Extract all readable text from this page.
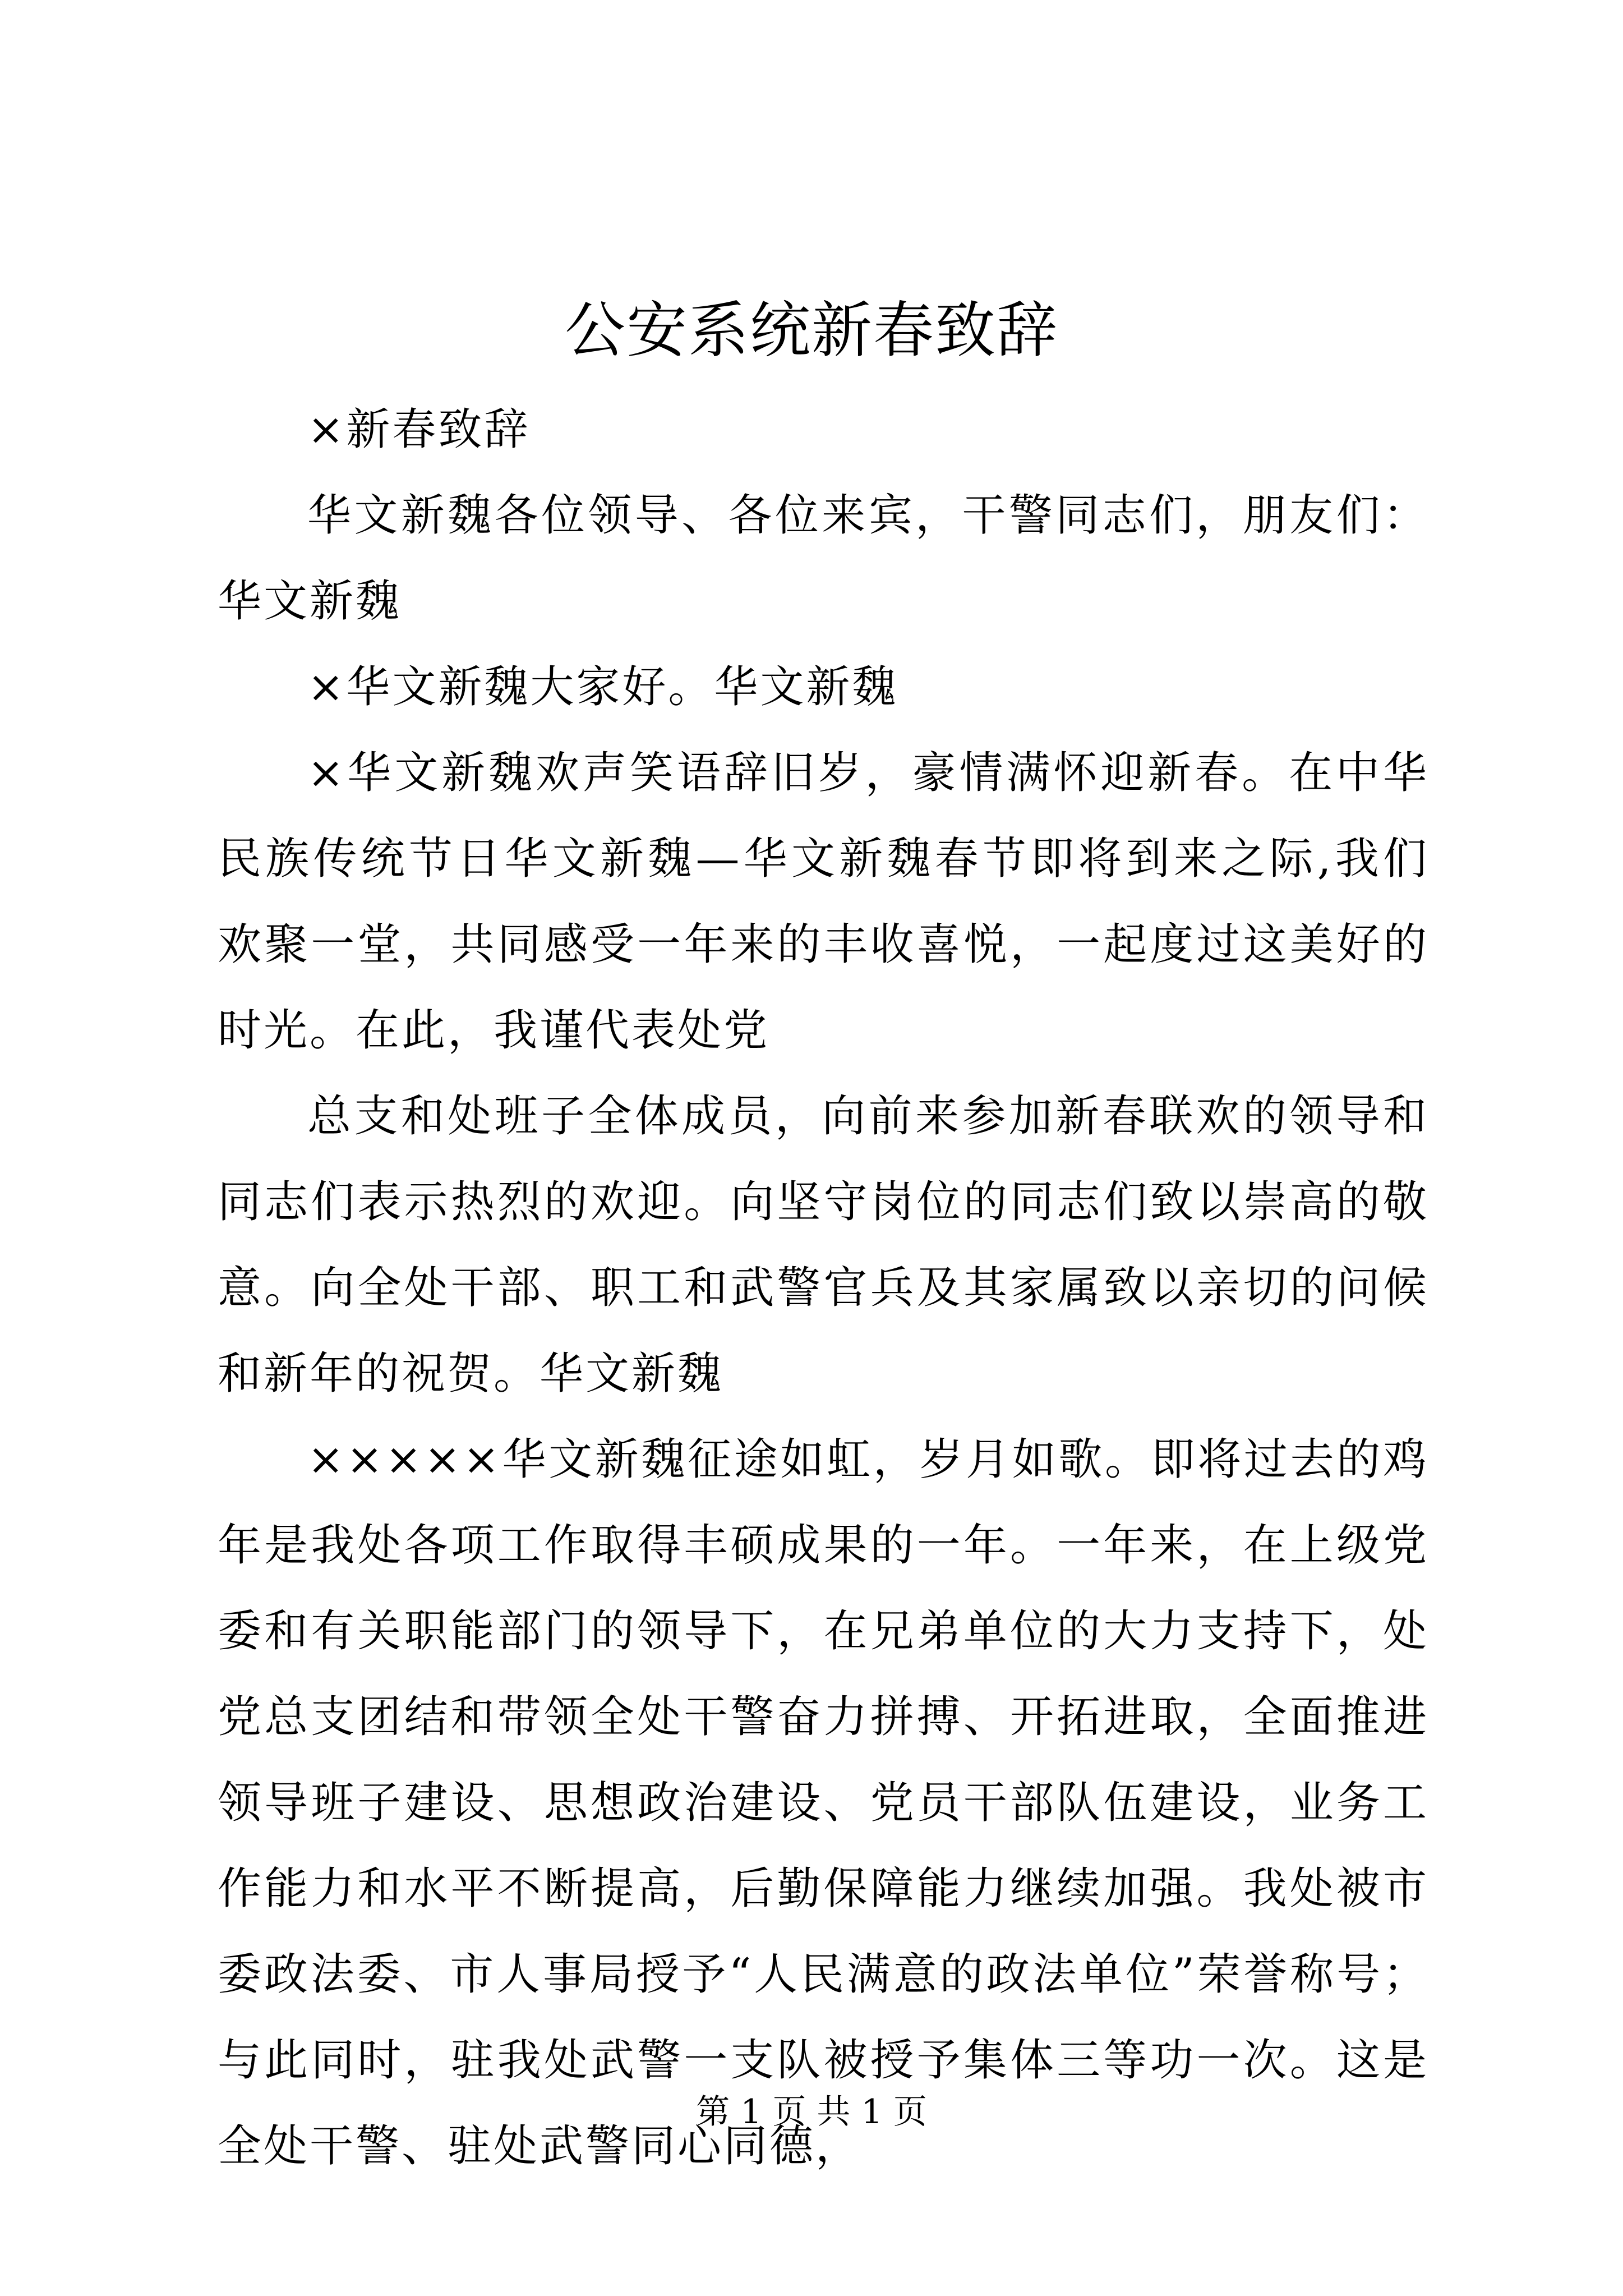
公安系统新春致辞

×新春致辞

华文新魏各位领导、各位来宾，干警同志们，朋友们：华文新魏

×华文新魏大家好。华文新魏

×华文新魏欢声笑语辞旧岁，豪情满怀迎新春。在中华民族传统节日华文新魏—华文新魏春节即将到来之际,我们欢聚一堂，共同感受一年来的丰收喜悦，一起度过这美好的时光。在此，我谨代表处党

总支和处班子全体成员，向前来参加新春联欢的领导和同志们表示热烈的欢迎。向坚守岗位的同志们致以崇高的敬意。向全处干部、职工和武警官兵及其家属致以亲切的问候和新年的祝贺。华文新魏

×××××华文新魏征途如虹，岁月如歌。即将过去的鸡年是我处各项工作取得丰硕成果的一年。一年来，在上级党委和有关职能部门的领导下，在兄弟单位的大力支持下，处党总支团结和带领全处干警奋力拼搏、开拓进取，全面推进领导班子建设、思想政治建设、党员干部队伍建设，业务工作能力和水平不断提高，后勤保障能力继续加强。我处被市委政法委、市人事局授予“人民满意的政法单位”荣誉称号；与此同时，驻我处武警一支队被授予集体三等功一次。这是全处干警、驻处武警同心同德，

第 1 页 共 1 页
